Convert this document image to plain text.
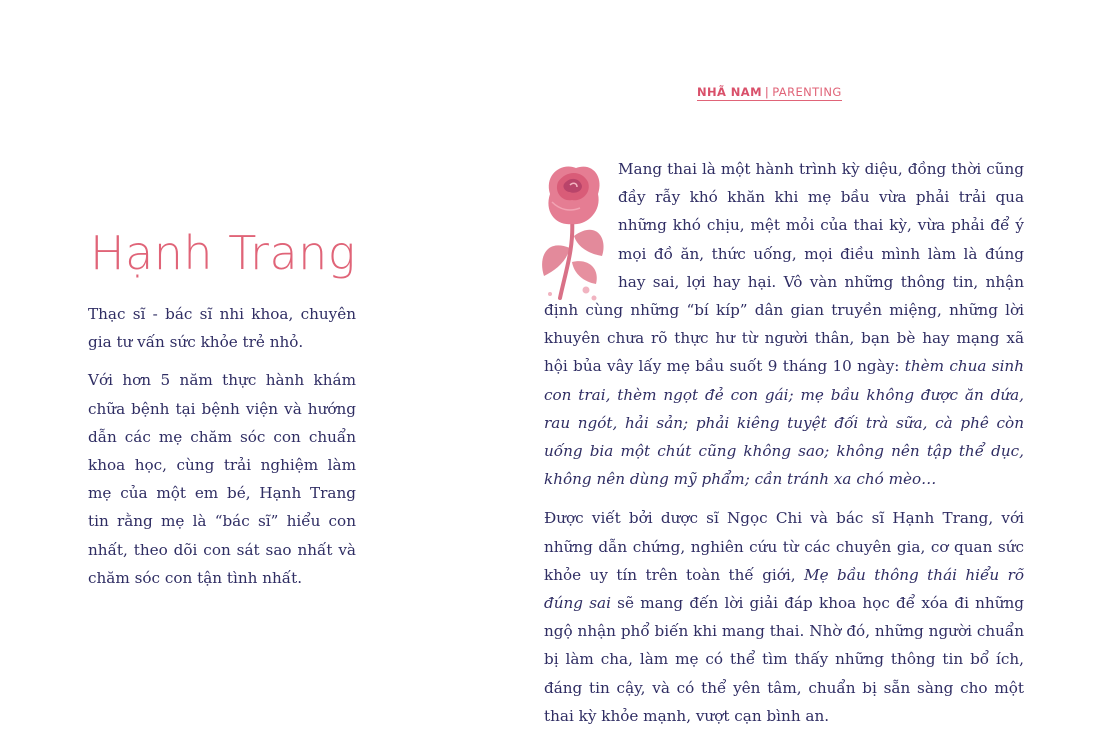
Hạnh Trang

Thạc sĩ - bác sĩ nhi khoa, chuyên gia tư vấn sức khỏe trẻ nhỏ.

Với hơn 5 năm thực hành khám chữa bệnh tại bệnh viện và hướng dẫn các mẹ chăm sóc con chuẩn khoa học, cùng trải nghiệm làm mẹ của một em bé, Hạnh Trang tin rằng mẹ là “bác sĩ” hiểu con nhất, theo dõi con sát sao nhất và chăm sóc con tận tình nhất.

NHÃ NAM | PARENTING

Mang thai là một hành trình kỳ diệu, đồng thời cũng đầy rẫy khó khăn khi mẹ bầu vừa phải trải qua những khó chịu, mệt mỏi của thai kỳ, vừa phải để ý mọi đồ ăn, thức uống, mọi điều mình làm là đúng hay sai, lợi hay hại. Vô vàn những thông tin, nhận định cùng những “bí kíp” dân gian truyền miệng, những lời khuyên chưa rõ thực hư từ người thân, bạn bè hay mạng xã hội bủa vây lấy mẹ bầu suốt 9 tháng 10 ngày: thèm chua sinh con trai, thèm ngọt đẻ con gái; mẹ bầu không được ăn dứa, rau ngót, hải sản; phải kiêng tuyệt đối trà sữa, cà phê còn uống bia một chút cũng không sao; không nên tập thể dục, không nên dùng mỹ phẩm; cần tránh xa chó mèo…

Được viết bởi dược sĩ Ngọc Chi và bác sĩ Hạnh Trang, với những dẫn chứng, nghiên cứu từ các chuyên gia, cơ quan sức khỏe uy tín trên toàn thế giới, Mẹ bầu thông thái hiểu rõ đúng sai sẽ mang đến lời giải đáp khoa học để xóa đi những ngộ nhận phổ biến khi mang thai. Nhờ đó, những người chuẩn bị làm cha, làm mẹ có thể tìm thấy những thông tin bổ ích, đáng tin cậy, và có thể yên tâm, chuẩn bị sẵn sàng cho một thai kỳ khỏe mạnh, vượt cạn bình an.
